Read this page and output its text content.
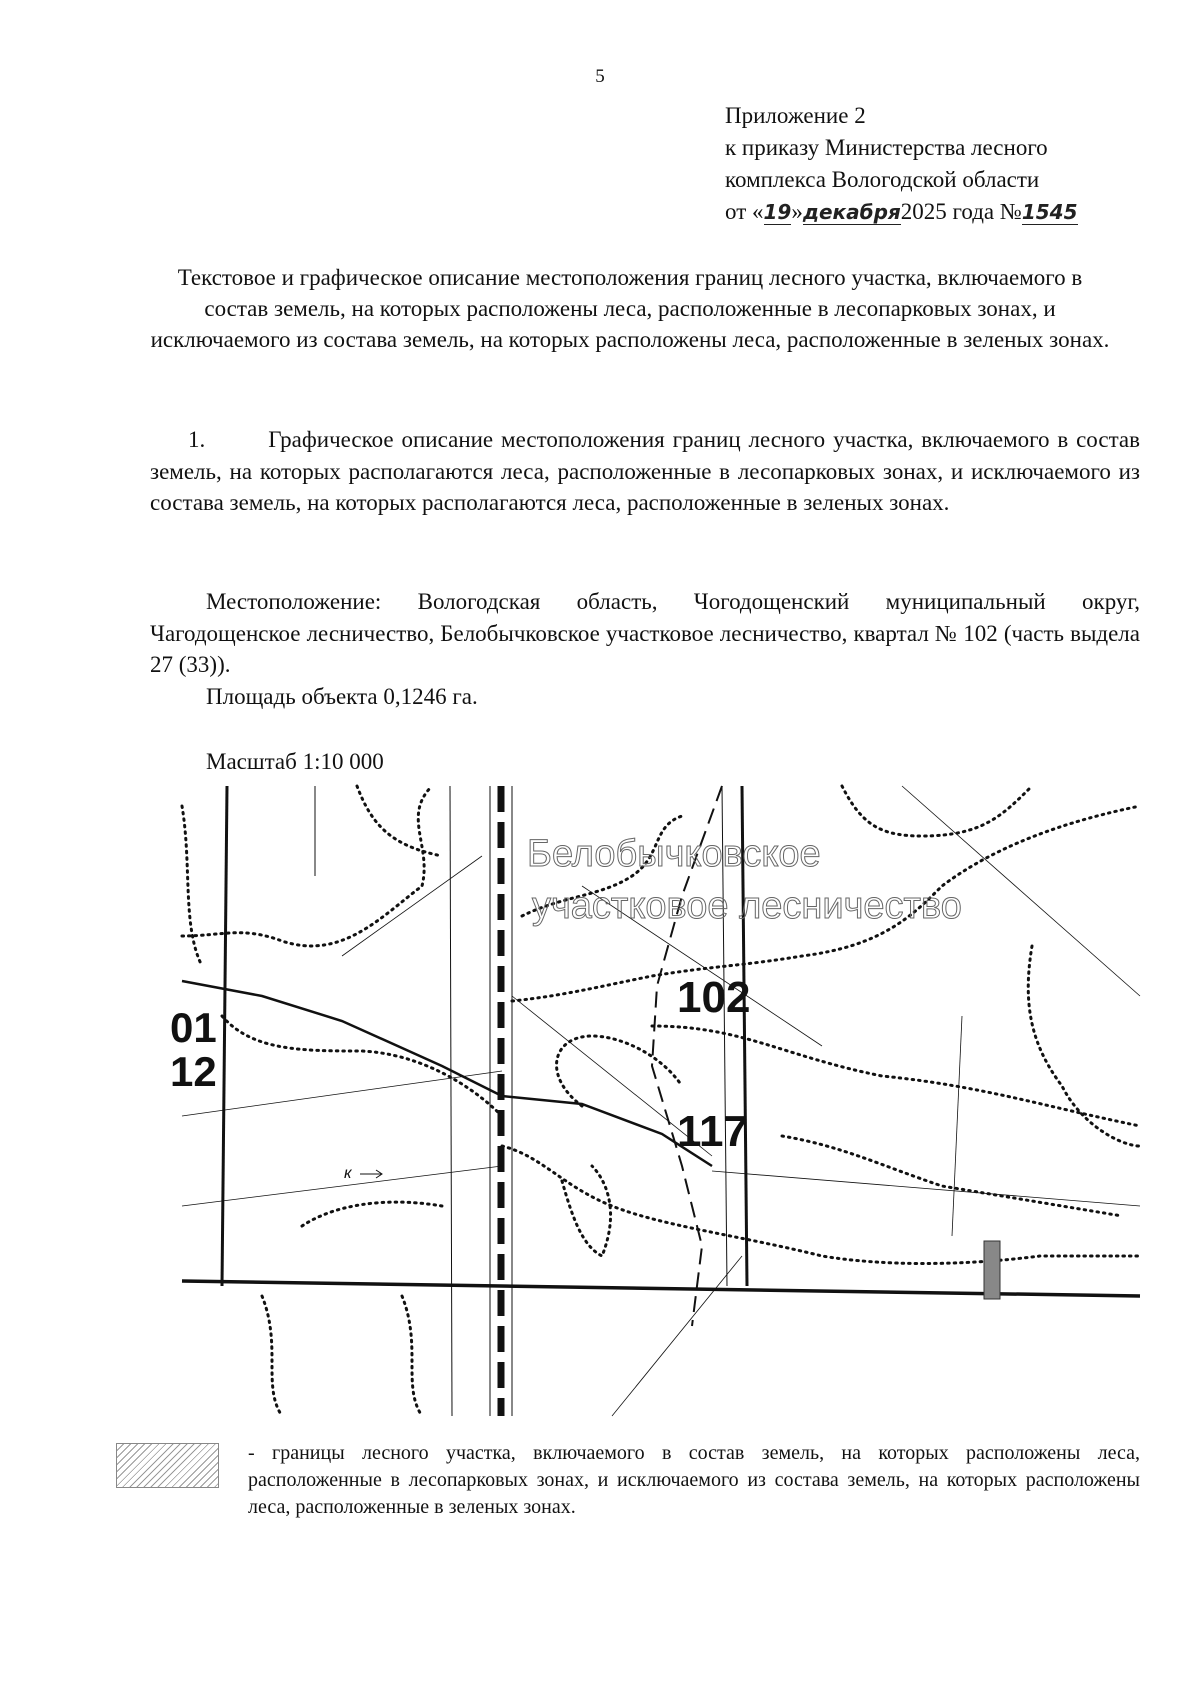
5
Приложение 2
к приказу Министерства лесного
комплекса Вологодской области
от «19»декабря2025 года №1545
Текстовое и графическое описание местоположения границ лесного участка, включаемого в состав земель, на которых расположены леса, расположенные в лесопарковых зонах, и исключаемого из состава земель, на которых расположены леса, расположенные в зеленых зонах.
1.        Графическое описание местоположения границ лесного участка, включаемого в состав земель, на которых располагаются леса, расположенные в лесопарковых зонах, и исключаемого из состава земель, на которых располагаются леса, расположенные в зеленых зонах.
Местоположение: Вологодская область, Чогодощенский муниципальный округ, Чагодощенское лесничество, Белобычковское участковое лесничество, квартал № 102 (часть выдела 27 (33)).
Площадь объекта 0,1246 га.
Масштаб 1:10 000
Белобычковское
участковое лесничество
102
117
01
12
к
- границы лесного участка, включаемого в состав земель, на которых расположены леса, расположенные в лесопарковых зонах, и исключаемого из состава земель, на которых расположены леса, расположенные в зеленых зонах.
